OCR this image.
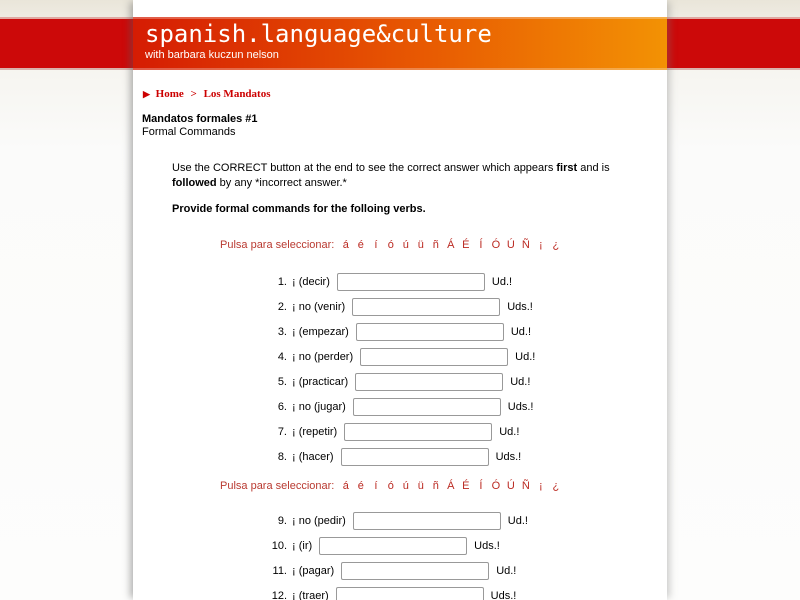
spanish.language&culture
with barbara kuczun nelson
▶ Home > Los Mandatos
Mandatos formales #1
Formal Commands
Use the CORRECT button at the end to see the correct answer which appears first and is followed by any *incorrect answer.*
Provide formal commands for the folloing verbs.
Pulsa para seleccionar: á é í ó ú ü ñ Á É Í Ó Ú Ñ ¡ ¿
1. ¡ (decir)	Ud.!
2. ¡ no (venir)	Uds.!
3. ¡ (empezar)	Ud.!
4. ¡ no (perder)	Ud.!
5. ¡ (practicar)	Ud.!
6. ¡ no (jugar)	Uds.!
7. ¡ (repetir)	Ud.!
8. ¡ (hacer)	Uds.!
Pulsa para seleccionar: á é í ó ú ü ñ Á É Í Ó Ú Ñ ¡ ¿
9. ¡ no (pedir)	Ud.!
10. ¡ (ir)	Uds.!
11. ¡ (pagar)	Ud.!
12. ¡ (traer)	Uds.!
